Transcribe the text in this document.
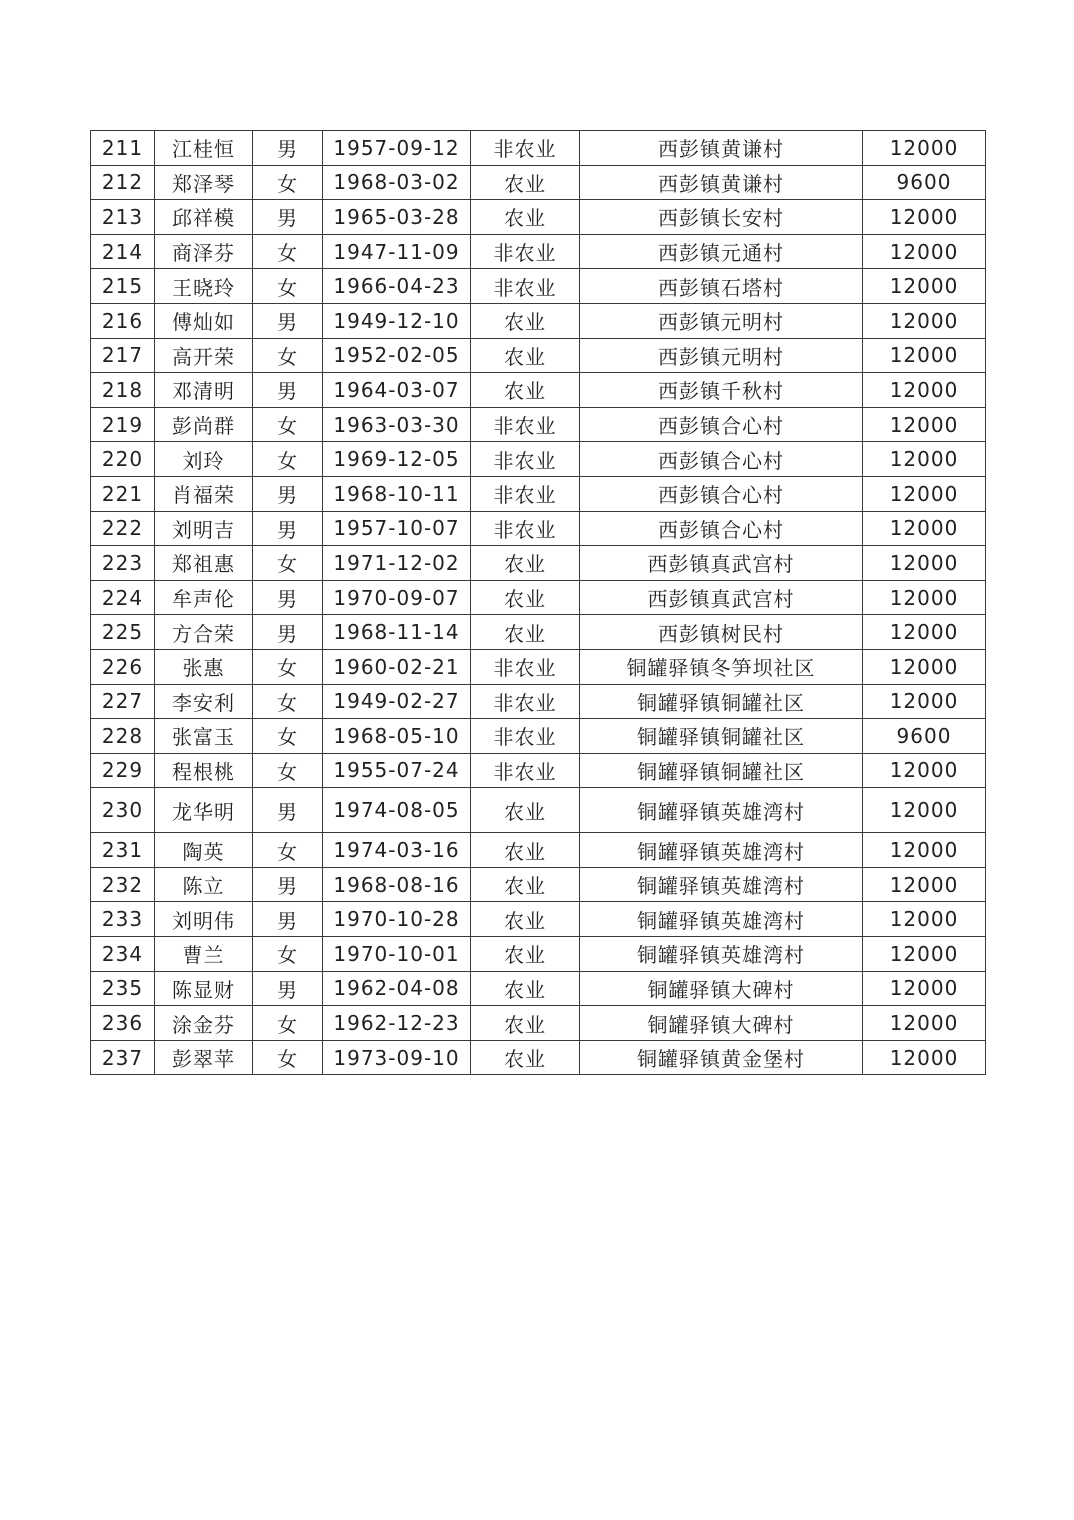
211	江桂恒	男	1957-09-12	非农业	西彭镇黄谦村	12000
212	郑泽琴	女	1968-03-02	农业	西彭镇黄谦村	9600
213	邱祥模	男	1965-03-28	农业	西彭镇长安村	12000
214	商泽芬	女	1947-11-09	非农业	西彭镇元通村	12000
215	王晓玲	女	1966-04-23	非农业	西彭镇石塔村	12000
216	傅灿如	男	1949-12-10	农业	西彭镇元明村	12000
217	高开荣	女	1952-02-05	农业	西彭镇元明村	12000
218	邓清明	男	1964-03-07	农业	西彭镇千秋村	12000
219	彭尚群	女	1963-03-30	非农业	西彭镇合心村	12000
220	刘玲	女	1969-12-05	非农业	西彭镇合心村	12000
221	肖福荣	男	1968-10-11	非农业	西彭镇合心村	12000
222	刘明吉	男	1957-10-07	非农业	西彭镇合心村	12000
223	郑祖惠	女	1971-12-02	农业	西彭镇真武宫村	12000
224	牟声伦	男	1970-09-07	农业	西彭镇真武宫村	12000
225	方合荣	男	1968-11-14	农业	西彭镇树民村	12000
226	张惠	女	1960-02-21	非农业	铜罐驿镇冬笋坝社区	12000
227	李安利	女	1949-02-27	非农业	铜罐驿镇铜罐社区	12000
228	张富玉	女	1968-05-10	非农业	铜罐驿镇铜罐社区	9600
229	程根桃	女	1955-07-24	非农业	铜罐驿镇铜罐社区	12000
230	龙华明	男	1974-08-05	农业	铜罐驿镇英雄湾村	12000
231	陶英	女	1974-03-16	农业	铜罐驿镇英雄湾村	12000
232	陈立	男	1968-08-16	农业	铜罐驿镇英雄湾村	12000
233	刘明伟	男	1970-10-28	农业	铜罐驿镇英雄湾村	12000
234	曹兰	女	1970-10-01	农业	铜罐驿镇英雄湾村	12000
235	陈显财	男	1962-04-08	农业	铜罐驿镇大碑村	12000
236	涂金芬	女	1962-12-23	农业	铜罐驿镇大碑村	12000
237	彭翠苹	女	1973-09-10	农业	铜罐驿镇黄金堡村	12000
